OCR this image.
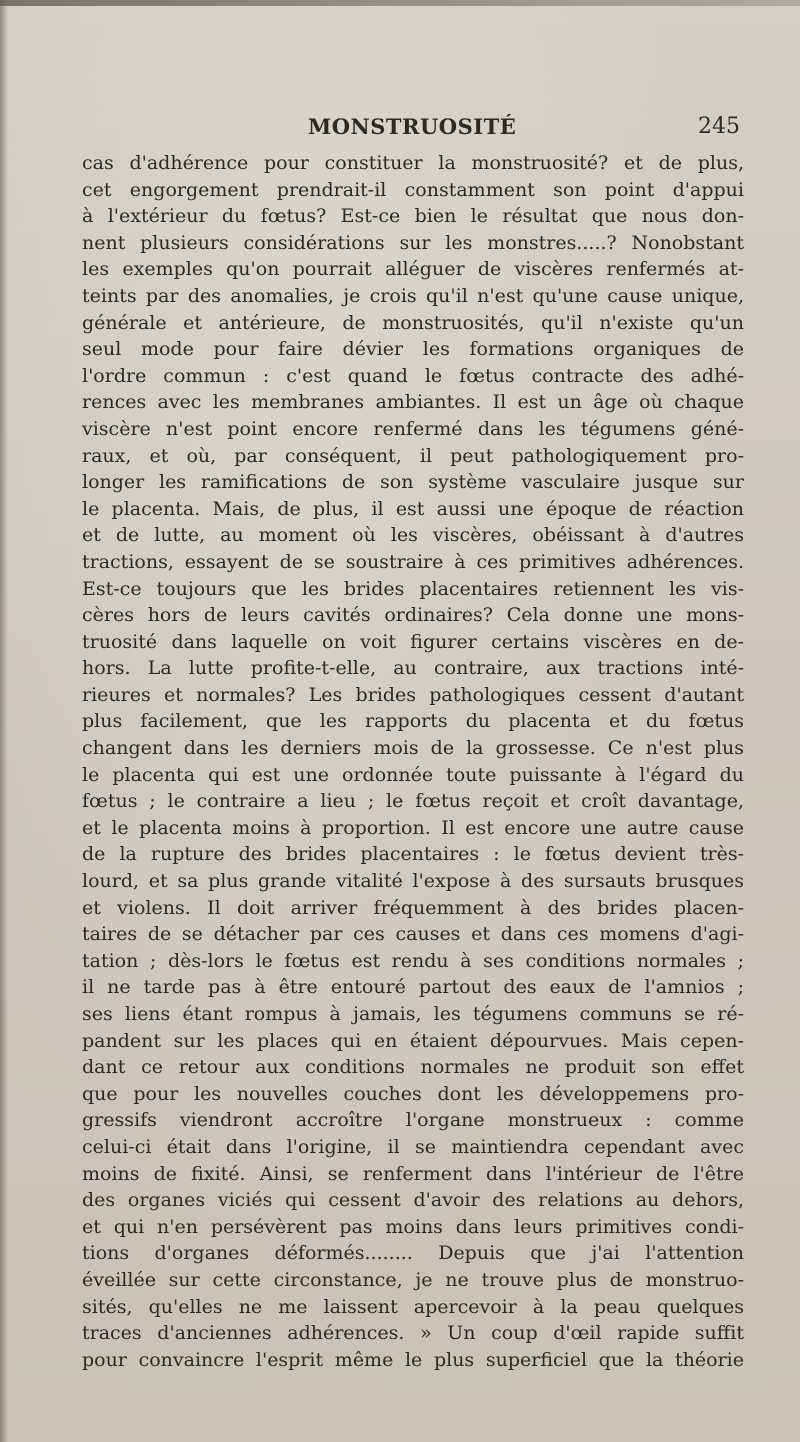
MONSTRUOSITÉ	245
cas d'adhérence pour constituer la monstruosité? et de plus,
cet engorgement prendrait-il constamment son point d'appui
à l'extérieur du fœtus? Est-ce bien le résultat que nous don-
nent plusieurs considérations sur les monstres.....? Nonobstant
les exemples qu'on pourrait alléguer de viscères renfermés at-
teints par des anomalies, je crois qu'il n'est qu'une cause unique,
générale et antérieure, de monstruosités, qu'il n'existe qu'un
seul mode pour faire dévier les formations organiques de
l'ordre commun : c'est quand le fœtus contracte des adhé-
rences avec les membranes ambiantes. Il est un âge où chaque
viscère n'est point encore renfermé dans les tégumens géné-
raux, et où, par conséquent, il peut pathologiquement pro-
longer les ramifications de son système vasculaire jusque sur
le placenta. Mais, de plus, il est aussi une époque de réaction
et de lutte, au moment où les viscères, obéissant à d'autres
tractions, essayent de se soustraire à ces primitives adhérences.
Est-ce toujours que les brides placentaires retiennent les vis-
cères hors de leurs cavités ordinaires? Cela donne une mons-
truosité dans laquelle on voit figurer certains viscères en de-
hors. La lutte profite-t-elle, au contraire, aux tractions inté-
rieures et normales? Les brides pathologiques cessent d'autant
plus facilement, que les rapports du placenta et du fœtus
changent dans les derniers mois de la grossesse. Ce n'est plus
le placenta qui est une ordonnée toute puissante à l'égard du
fœtus ; le contraire a lieu ; le fœtus reçoit et croît davantage,
et le placenta moins à proportion. Il est encore une autre cause
de la rupture des brides placentaires : le fœtus devient très-
lourd, et sa plus grande vitalité l'expose à des sursauts brusques
et violens. Il doit arriver fréquemment à des brides placen-
taires de se détacher par ces causes et dans ces momens d'agi-
tation ; dès-lors le fœtus est rendu à ses conditions normales ;
il ne tarde pas à être entouré partout des eaux de l'amnios ;
ses liens étant rompus à jamais, les tégumens communs se ré-
pandent sur les places qui en étaient dépourvues. Mais cepen-
dant ce retour aux conditions normales ne produit son effet
que pour les nouvelles couches dont les développemens pro-
gressifs viendront accroître l'organe monstrueux : comme
celui-ci était dans l'origine, il se maintiendra cependant avec
moins de fixité. Ainsi, se renferment dans l'intérieur de l'être
des organes viciés qui cessent d'avoir des relations au dehors,
et qui n'en persévèrent pas moins dans leurs primitives condi-
tions d'organes déformés........ Depuis que j'ai l'attention
éveillée sur cette circonstance, je ne trouve plus de monstruo-
sités, qu'elles ne me laissent apercevoir à la peau quelques
traces d'anciennes adhérences. » Un coup d'œil rapide suffit
pour convaincre l'esprit même le plus superficiel que la théorie
